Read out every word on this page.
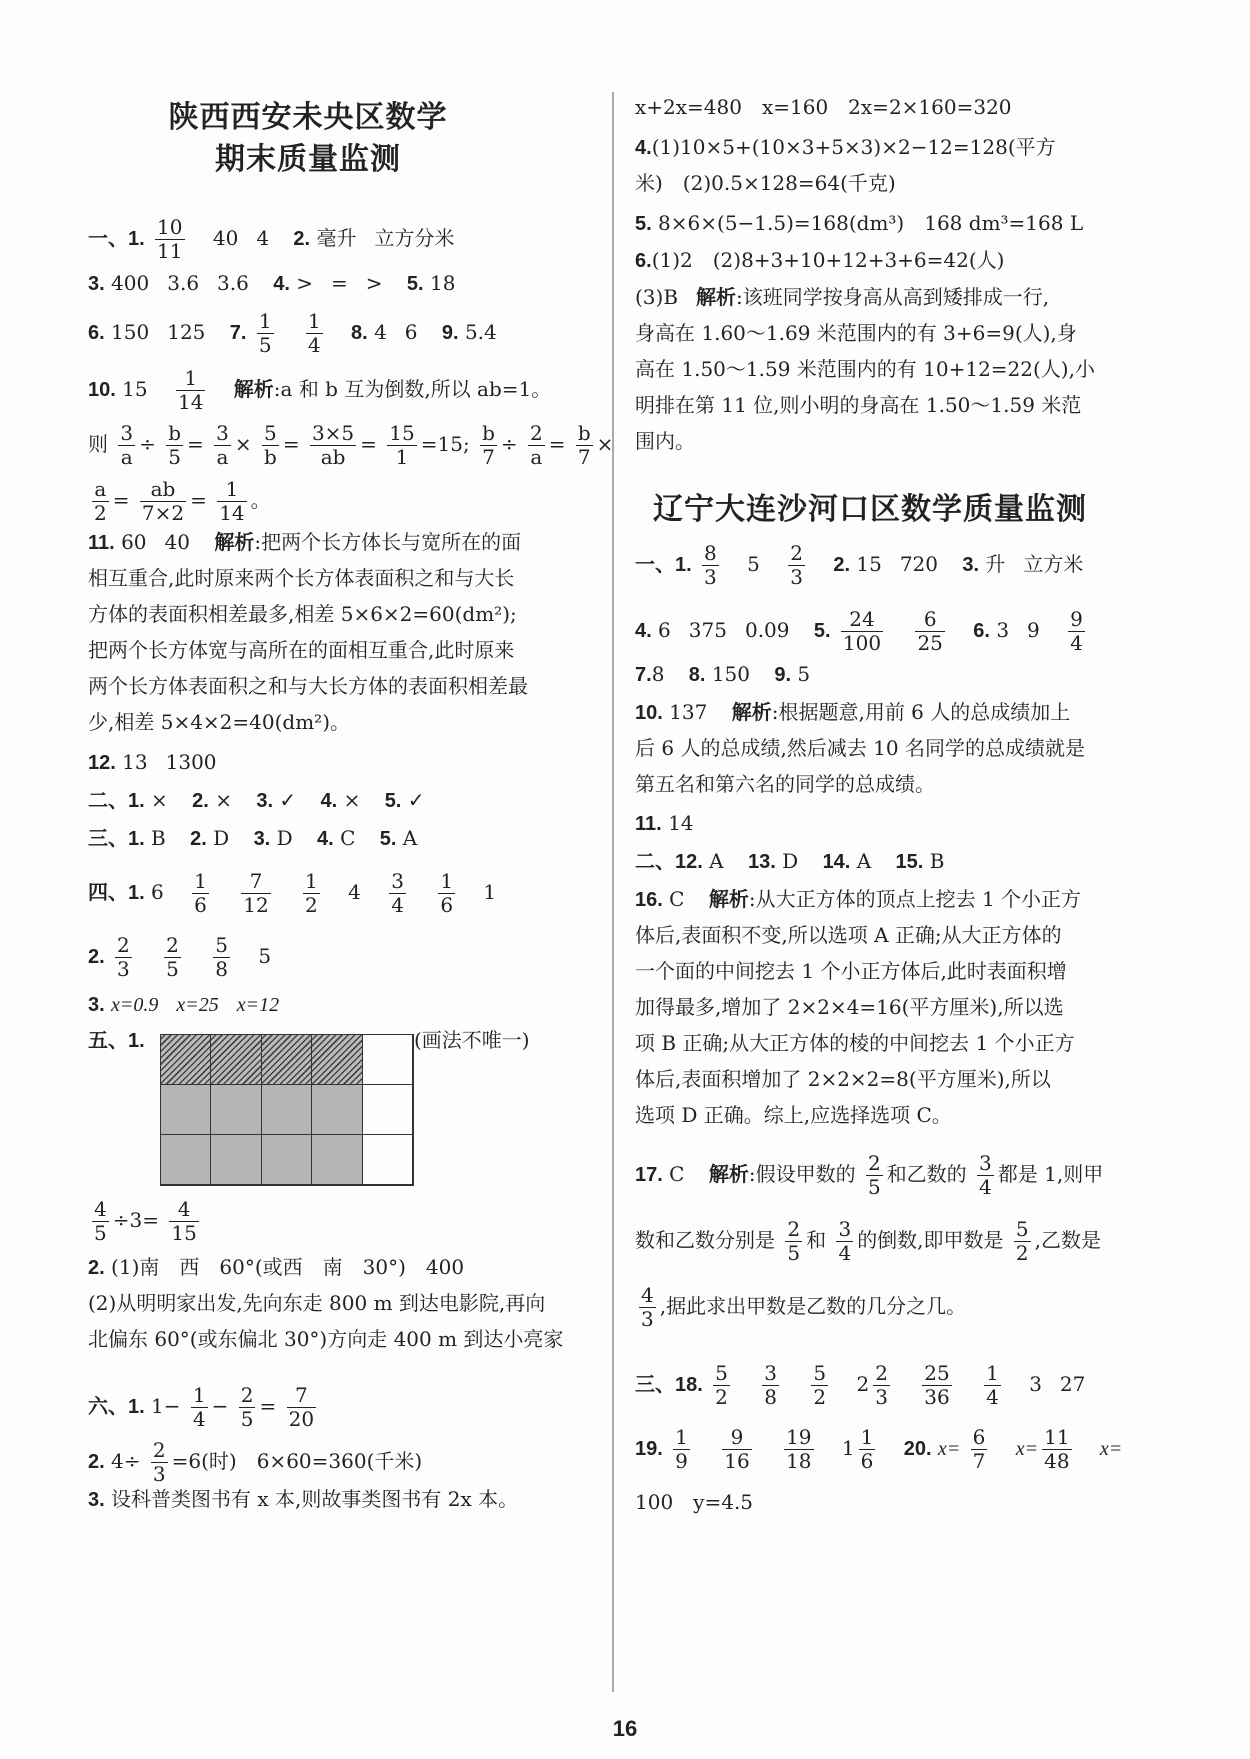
陕西西安未央区数学
期末质量监测
一、1. $\frac{10}{11} 40$ 4 2. 毫升 立方分米
3. 400 3.6 3.6 4. > = > 5. 18
6. 150 125 7. $\frac{1}{5}$
$\frac{1}{4} 8$. 4 6 9. 5.4
10. $15 \frac{1}{14}$ 解析:a 和 b 互为倒数,所以 ab=1。
则 $\frac{3}{a} \div \frac{b}{5} = \frac{3}{a} \times \frac{5}{b} = \frac{3\times 5}{ab} = \frac{15}{1} =15$; $\frac{b}{7} \div \frac{2}{a} = \frac{b}{7}$ ×
$\frac{a}{2} = \frac{ab}{7\times 2} = \frac{1}{14}$ 。
11. 60 40 解析:把两个长方体长与宽所在的面
相互重合,此时原来两个长方体表面积之和与大长
方体的表面积相差最多,相差 5×6×2=60(dm²);
把两个长方体宽与高所在的面相互重合,此时原来
两个长方体表面积之和与大长方体的表面积相差最
少,相差 5×4×2=40(dm²)。
12. 13 1300
二、1. × 2. × 3. ✓ 4. × 5. ✓
三、1. B 2. D 3. D 4. C 5. A
四、1. $6 \frac{1}{6}$
$\frac{7}{12}$
$\frac{1}{2} 4 \frac{3}{4}$
$\frac{1}{6} 1$
2. $\frac{2}{3}$
$\frac{2}{5}$
$\frac{5}{8} 5$
3. x=0.9 x=25 x=12
五、1.	(画法不唯一)
$\frac{4}{5} \div 3= \frac{4}{15}$
2. (1)南　西　60°(或西　南　30°)　400
(2)从明明家出发,先向东走 800 m 到达电影院,再向
北偏东 60°(或东偏北 30°)方向走 400 m 到达小亮家
六、1. $1- \frac{1}{4} - \frac{2}{5} = \frac{7}{20}$
2. $4\div \frac{2}{3} =6$(时)　6×60=360(千米)
3. 设科普类图书有 x 本,则故事类图书有 2x 本。
x+2x=480　x=160　2x=2×160=320
4.(1)10×5+(10×3+5×3)×2−12=128(平方
米)　(2)0.5×128=64(千克)
5. 8×6×(5−1.5)=168(dm³)　168 dm³=168 L
6.(1)2　(2)8+3+10+12+3+6=42(人)
(3)B 解析:该班同学按身高从高到矮排成一行,
身高在 1.60～1.69 米范围内的有 3+6=9(人),身
高在 1.50～1.59 米范围内的有 10+12=22(人),小
明排在第 11 位,则小明的身高在 1.50～1.59 米范
围内。
辽宁大连沙河口区数学质量监测
一、1. $\frac{8}{3} 5 \frac{2}{3} 2$. 15 720 3. 升 立方米
4. 6 375 0.09 5. $\frac{24}{100}$
$\frac{6}{25} 6$. 3 $9 \frac{9}{4}$
7.8 8. 150 9. 5
10. 137 解析:根据题意,用前 6 人的总成绩加上
后 6 人的总成绩,然后减去 10 名同学的总成绩就是
第五名和第六名的同学的总成绩。
11. 14
二、12. A 13. D 14. A 15. B
16. C 解析:从大正方体的顶点上挖去 1 个小正方
体后,表面积不变,所以选项 A 正确;从大正方体的
一个面的中间挖去 1 个小正方体后,此时表面积增
加得最多,增加了 2×2×4=16(平方厘米),所以选
项 B 正确;从大正方体的棱的中间挖去 1 个小正方
体后,表面积增加了 2×2×2=8(平方厘米),所以
选项 D 正确。综上,应选择选项 C。
17. C 解析:假设甲数的 $\frac{2}{5}$ 和乙数的 $\frac{3}{4}$ 都是 1,则甲
数和乙数分别是 $\frac{2}{5}$ 和 $\frac{3}{4}$ 的倒数,即甲数是 $\frac{5}{2}$ ,乙数是
$\frac{4}{3}$ ,据此求出甲数是乙数的几分之几。
三、18. $\frac{5}{2}$
$\frac{3}{8}$
$\frac{5}{2} 2 \frac{2}{3}$
$\frac{25}{36}$
$\frac{1}{4} 3$ 27
19. $\frac{1}{9}$
$\frac{9}{16}$
$\frac{19}{18} 1 \frac{1}{6} 20$. $x= \frac{6}{7} x= \frac{11}{48} x=$
100　y=4.5
16
